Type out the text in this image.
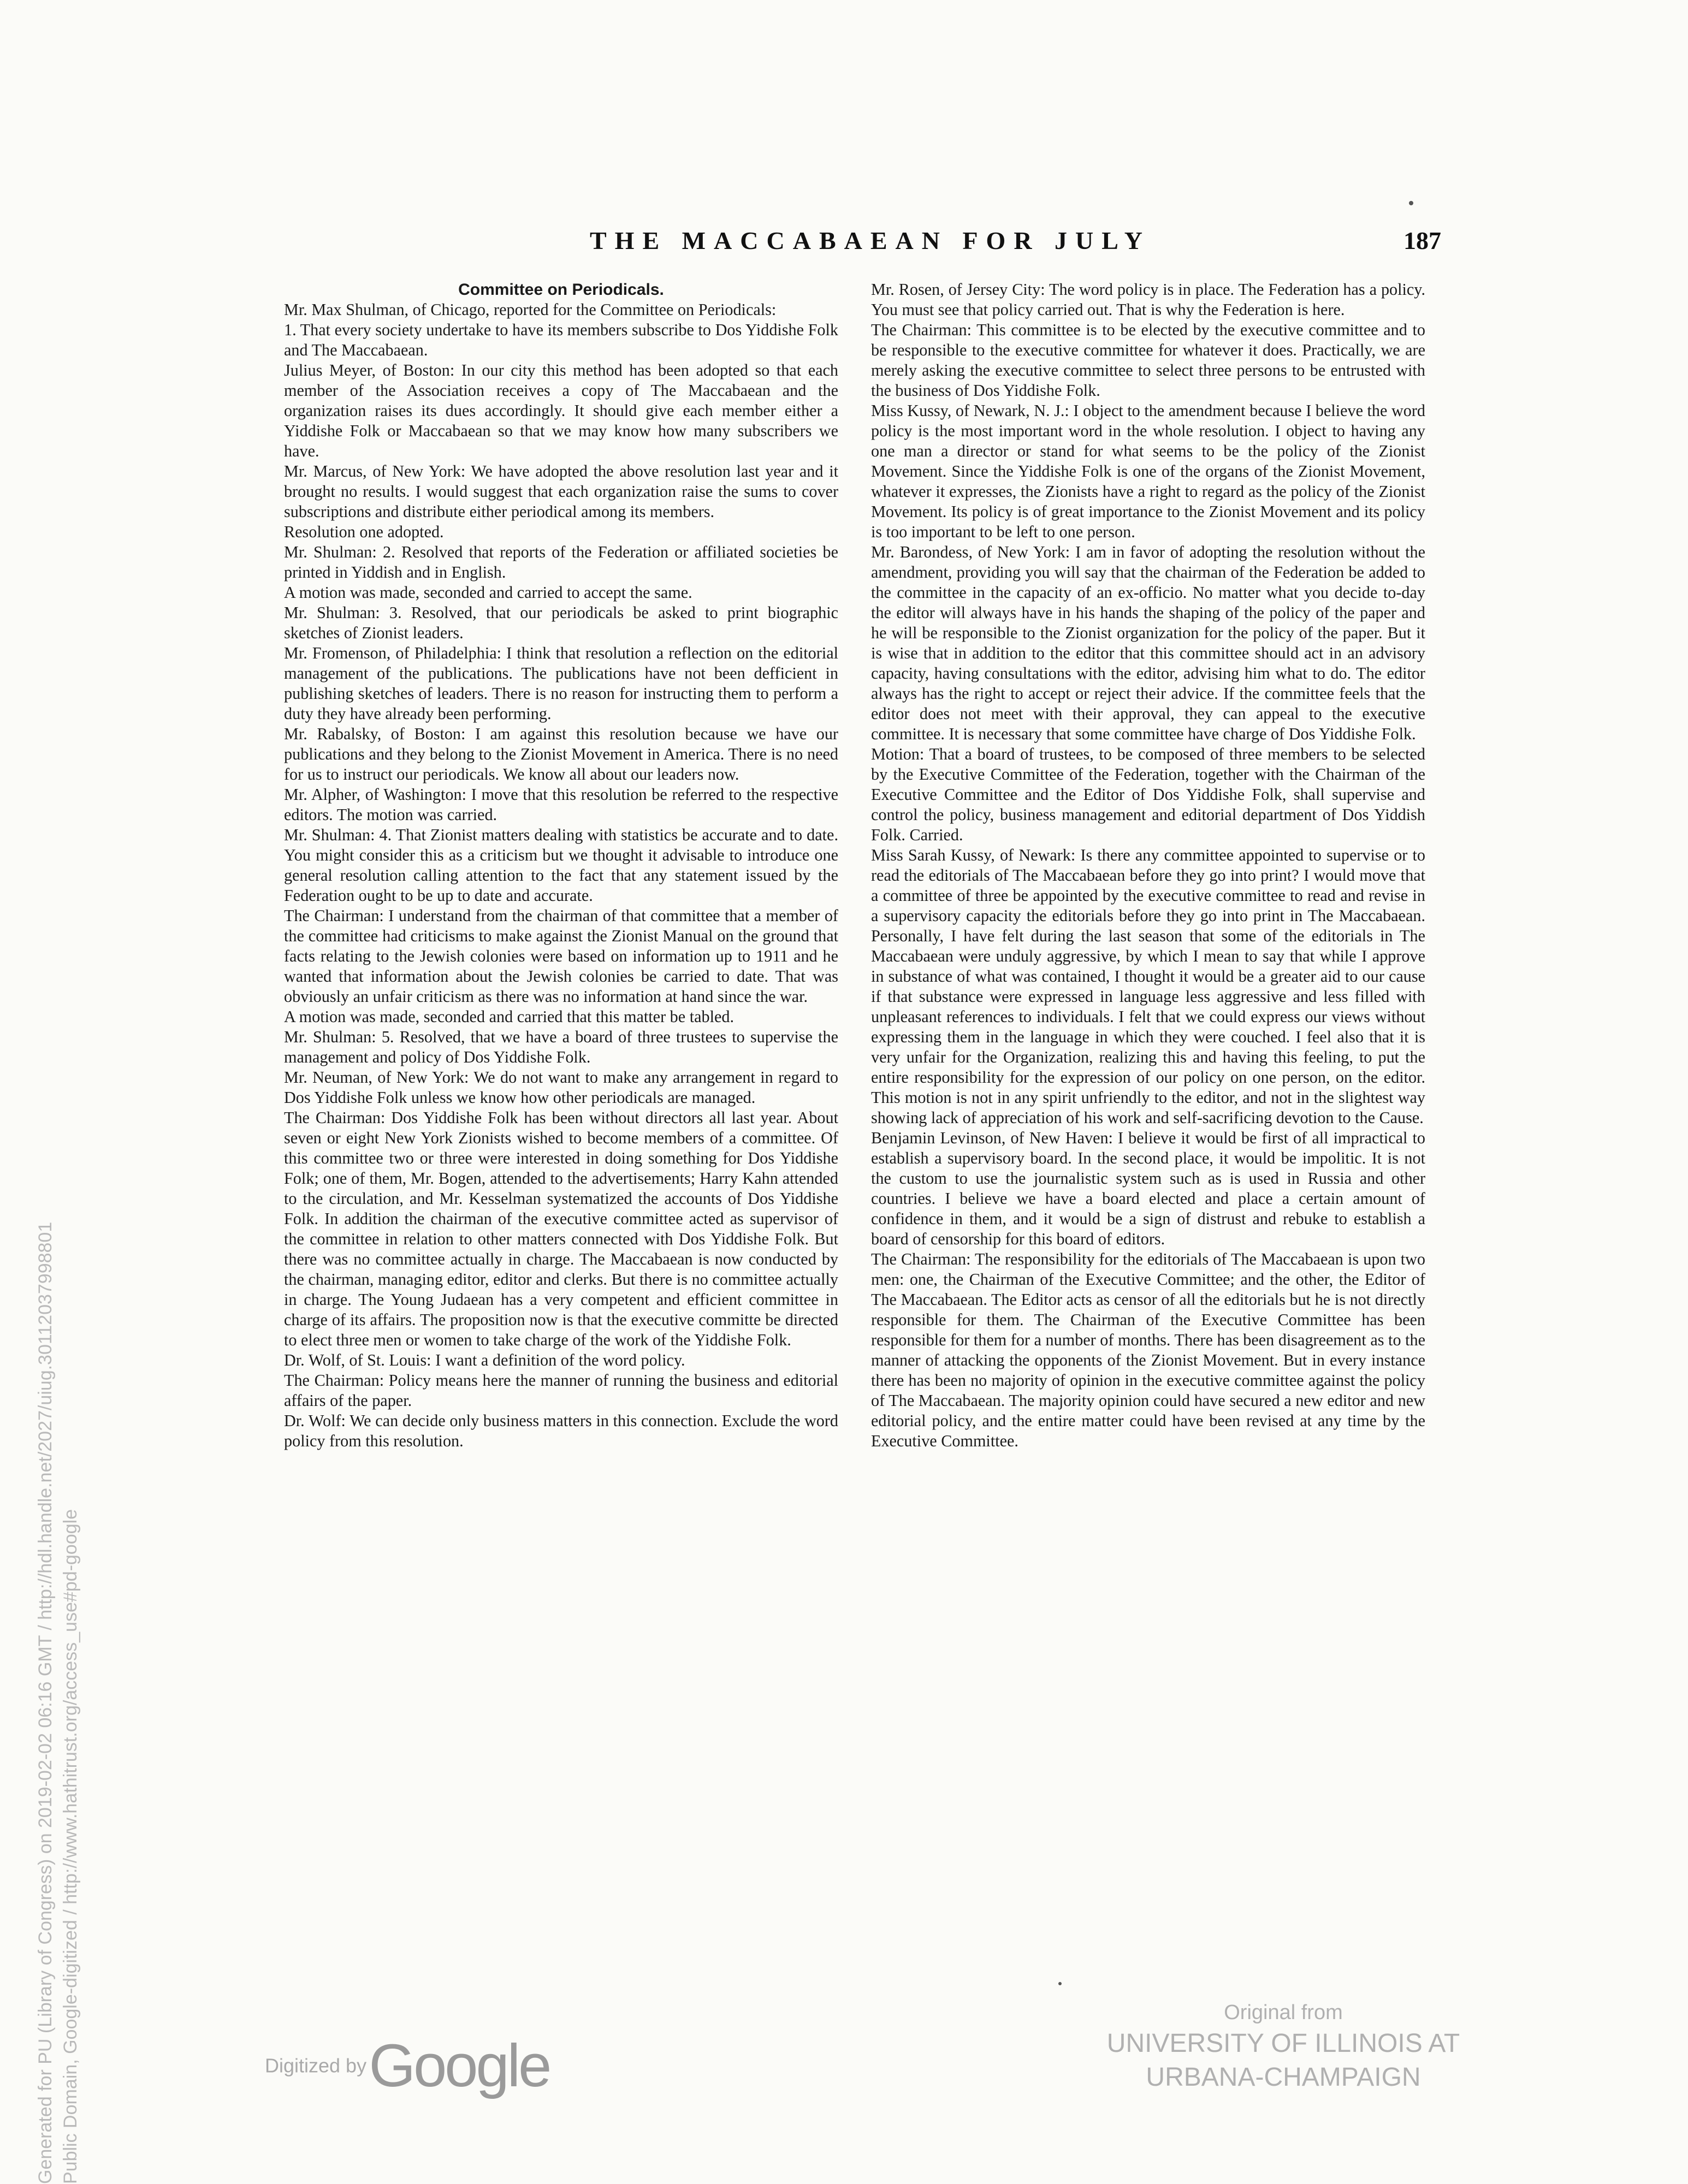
THE MACCABAEAN FOR JULY	187

Committee on Periodicals.

Mr. Max Shulman, of Chicago, reported for the Committee on Periodicals:

1. That every society undertake to have its members subscribe to Dos Yiddishe Folk and The Maccabaean.

Julius Meyer, of Boston: In our city this method has been adopted so that each member of the Association receives a copy of The Maccabaean and the organization raises its dues accordingly. It should give each member either a Yiddishe Folk or Maccabaean so that we may know how many subscribers we have.

Mr. Marcus, of New York: We have adopted the above resolution last year and it brought no results. I would suggest that each organization raise the sums to cover subscriptions and distribute either periodical among its members.

Resolution one adopted.

Mr. Shulman: 2. Resolved that reports of the Federation or affiliated societies be printed in Yiddish and in English.

A motion was made, seconded and carried to accept the same.

Mr. Shulman: 3. Resolved, that our periodicals be asked to print biographic sketches of Zionist leaders.

Mr. Fromenson, of Philadelphia: I think that resolution a reflection on the editorial management of the publications. The publications have not been defficient in publishing sketches of leaders. There is no reason for instructing them to perform a duty they have already been performing.

Mr. Rabalsky, of Boston: I am against this resolution because we have our publications and they belong to the Zionist Movement in America. There is no need for us to instruct our periodicals. We know all about our leaders now.

Mr. Alpher, of Washington: I move that this resolution be referred to the respective editors. The motion was carried.

Mr. Shulman: 4. That Zionist matters dealing with statistics be accurate and to date. You might consider this as a criticism but we thought it advisable to introduce one general resolution calling attention to the fact that any statement issued by the Federation ought to be up to date and accurate.

The Chairman: I understand from the chairman of that committee that a member of the committee had criticisms to make against the Zionist Manual on the ground that facts relating to the Jewish colonies were based on information up to 1911 and he wanted that information about the Jewish colonies be carried to date. That was obviously an unfair criticism as there was no information at hand since the war.

A motion was made, seconded and carried that this matter be tabled.

Mr. Shulman: 5. Resolved, that we have a board of three trustees to supervise the management and policy of Dos Yiddishe Folk.

Mr. Neuman, of New York: We do not want to make any arrangement in regard to Dos Yiddishe Folk unless we know how other periodicals are managed.

The Chairman: Dos Yiddishe Folk has been without directors all last year. About seven or eight New York Zionists wished to become members of a committee. Of this committee two or three were interested in doing something for Dos Yiddishe Folk; one of them, Mr. Bogen, attended to the advertisements; Harry Kahn attended to the circulation, and Mr. Kesselman systematized the accounts of Dos Yiddishe Folk. In addition the chairman of the executive committee acted as supervisor of the committee in relation to other matters connected with Dos Yiddishe Folk. But there was no committee actually in charge. The Maccabaean is now conducted by the chairman, managing editor, editor and clerks. But there is no committee actually in charge. The Young Judaean has a very competent and efficient committee in charge of its affairs. The proposition now is that the executive committe be directed to elect three men or women to take charge of the work of the Yiddishe Folk.

Dr. Wolf, of St. Louis: I want a definition of the word policy.

The Chairman: Policy means here the manner of running the business and editorial affairs of the paper.

Dr. Wolf: We can decide only business matters in this connection. Exclude the word policy from this resolution.

Mr. Rosen, of Jersey City: The word policy is in place. The Federation has a policy. You must see that policy carried out. That is why the Federation is here.

The Chairman: This committee is to be elected by the executive committee and to be responsible to the executive committee for whatever it does. Practically, we are merely asking the executive committee to select three persons to be entrusted with the business of Dos Yiddishe Folk.

Miss Kussy, of Newark, N. J.: I object to the amendment because I believe the word policy is the most important word in the whole resolution. I object to having any one man a director or stand for what seems to be the policy of the Zionist Movement. Since the Yiddishe Folk is one of the organs of the Zionist Movement, whatever it expresses, the Zionists have a right to regard as the policy of the Zionist Movement. Its policy is of great importance to the Zionist Movement and its policy is too important to be left to one person.

Mr. Barondess, of New York: I am in favor of adopting the resolution without the amendment, providing you will say that the chairman of the Federation be added to the committee in the capacity of an ex-officio. No matter what you decide to-day the editor will always have in his hands the shaping of the policy of the paper and he will be responsible to the Zionist organization for the policy of the paper. But it is wise that in addition to the editor that this committee should act in an advisory capacity, having consultations with the editor, advising him what to do. The editor always has the right to accept or reject their advice. If the committee feels that the editor does not meet with their approval, they can appeal to the executive committee. It is necessary that some committee have charge of Dos Yiddishe Folk.

Motion: That a board of trustees, to be composed of three members to be selected by the Executive Committee of the Federation, together with the Chairman of the Executive Committee and the Editor of Dos Yiddishe Folk, shall supervise and control the policy, business management and editorial department of Dos Yiddish Folk. Carried.

Miss Sarah Kussy, of Newark: Is there any committee appointed to supervise or to read the editorials of The Maccabaean before they go into print? I would move that a committee of three be appointed by the executive committee to read and revise in a supervisory capacity the editorials before they go into print in The Maccabaean. Personally, I have felt during the last season that some of the editorials in The Maccabaean were unduly aggressive, by which I mean to say that while I approve in substance of what was contained, I thought it would be a greater aid to our cause if that substance were expressed in language less aggressive and less filled with unpleasant references to individuals. I felt that we could express our views without expressing them in the language in which they were couched. I feel also that it is very unfair for the Organization, realizing this and having this feeling, to put the entire responsibility for the expression of our policy on one person, on the editor. This motion is not in any spirit unfriendly to the editor, and not in the slightest way showing lack of appreciation of his work and self-sacrificing devotion to the Cause.

Benjamin Levinson, of New Haven: I believe it would be first of all impractical to establish a supervisory board. In the second place, it would be impolitic. It is not the custom to use the journalistic system such as is used in Russia and other countries. I believe we have a board elected and place a certain amount of confidence in them, and it would be a sign of distrust and rebuke to establish a board of censorship for this board of editors.

The Chairman: The responsibility for the editorials of The Maccabaean is upon two men: one, the Chairman of the Executive Committee; and the other, the Editor of The Maccabaean. The Editor acts as censor of all the editorials but he is not directly responsible for them. The Chairman of the Executive Committee has been responsible for them for a number of months. There has been disagreement as to the manner of attacking the opponents of the Zionist Movement. But in every instance there has been no majority of opinion in the executive committee against the policy of The Maccabaean. The majority opinion could have secured a new editor and new editorial policy, and the entire matter could have been revised at any time by the Executive Committee.

Generated for PU (Library of Congress) on 2019-02-02 06:16 GMT / http://hdl.handle.net/2027/uiug.30112037998801 Public Domain, Google-digitized / http://www.hathitrust.org/access_use#pd-google	Digitized by Google
Original from
UNIVERSITY OF ILLINOIS AT
URBANA-CHAMPAIGN
